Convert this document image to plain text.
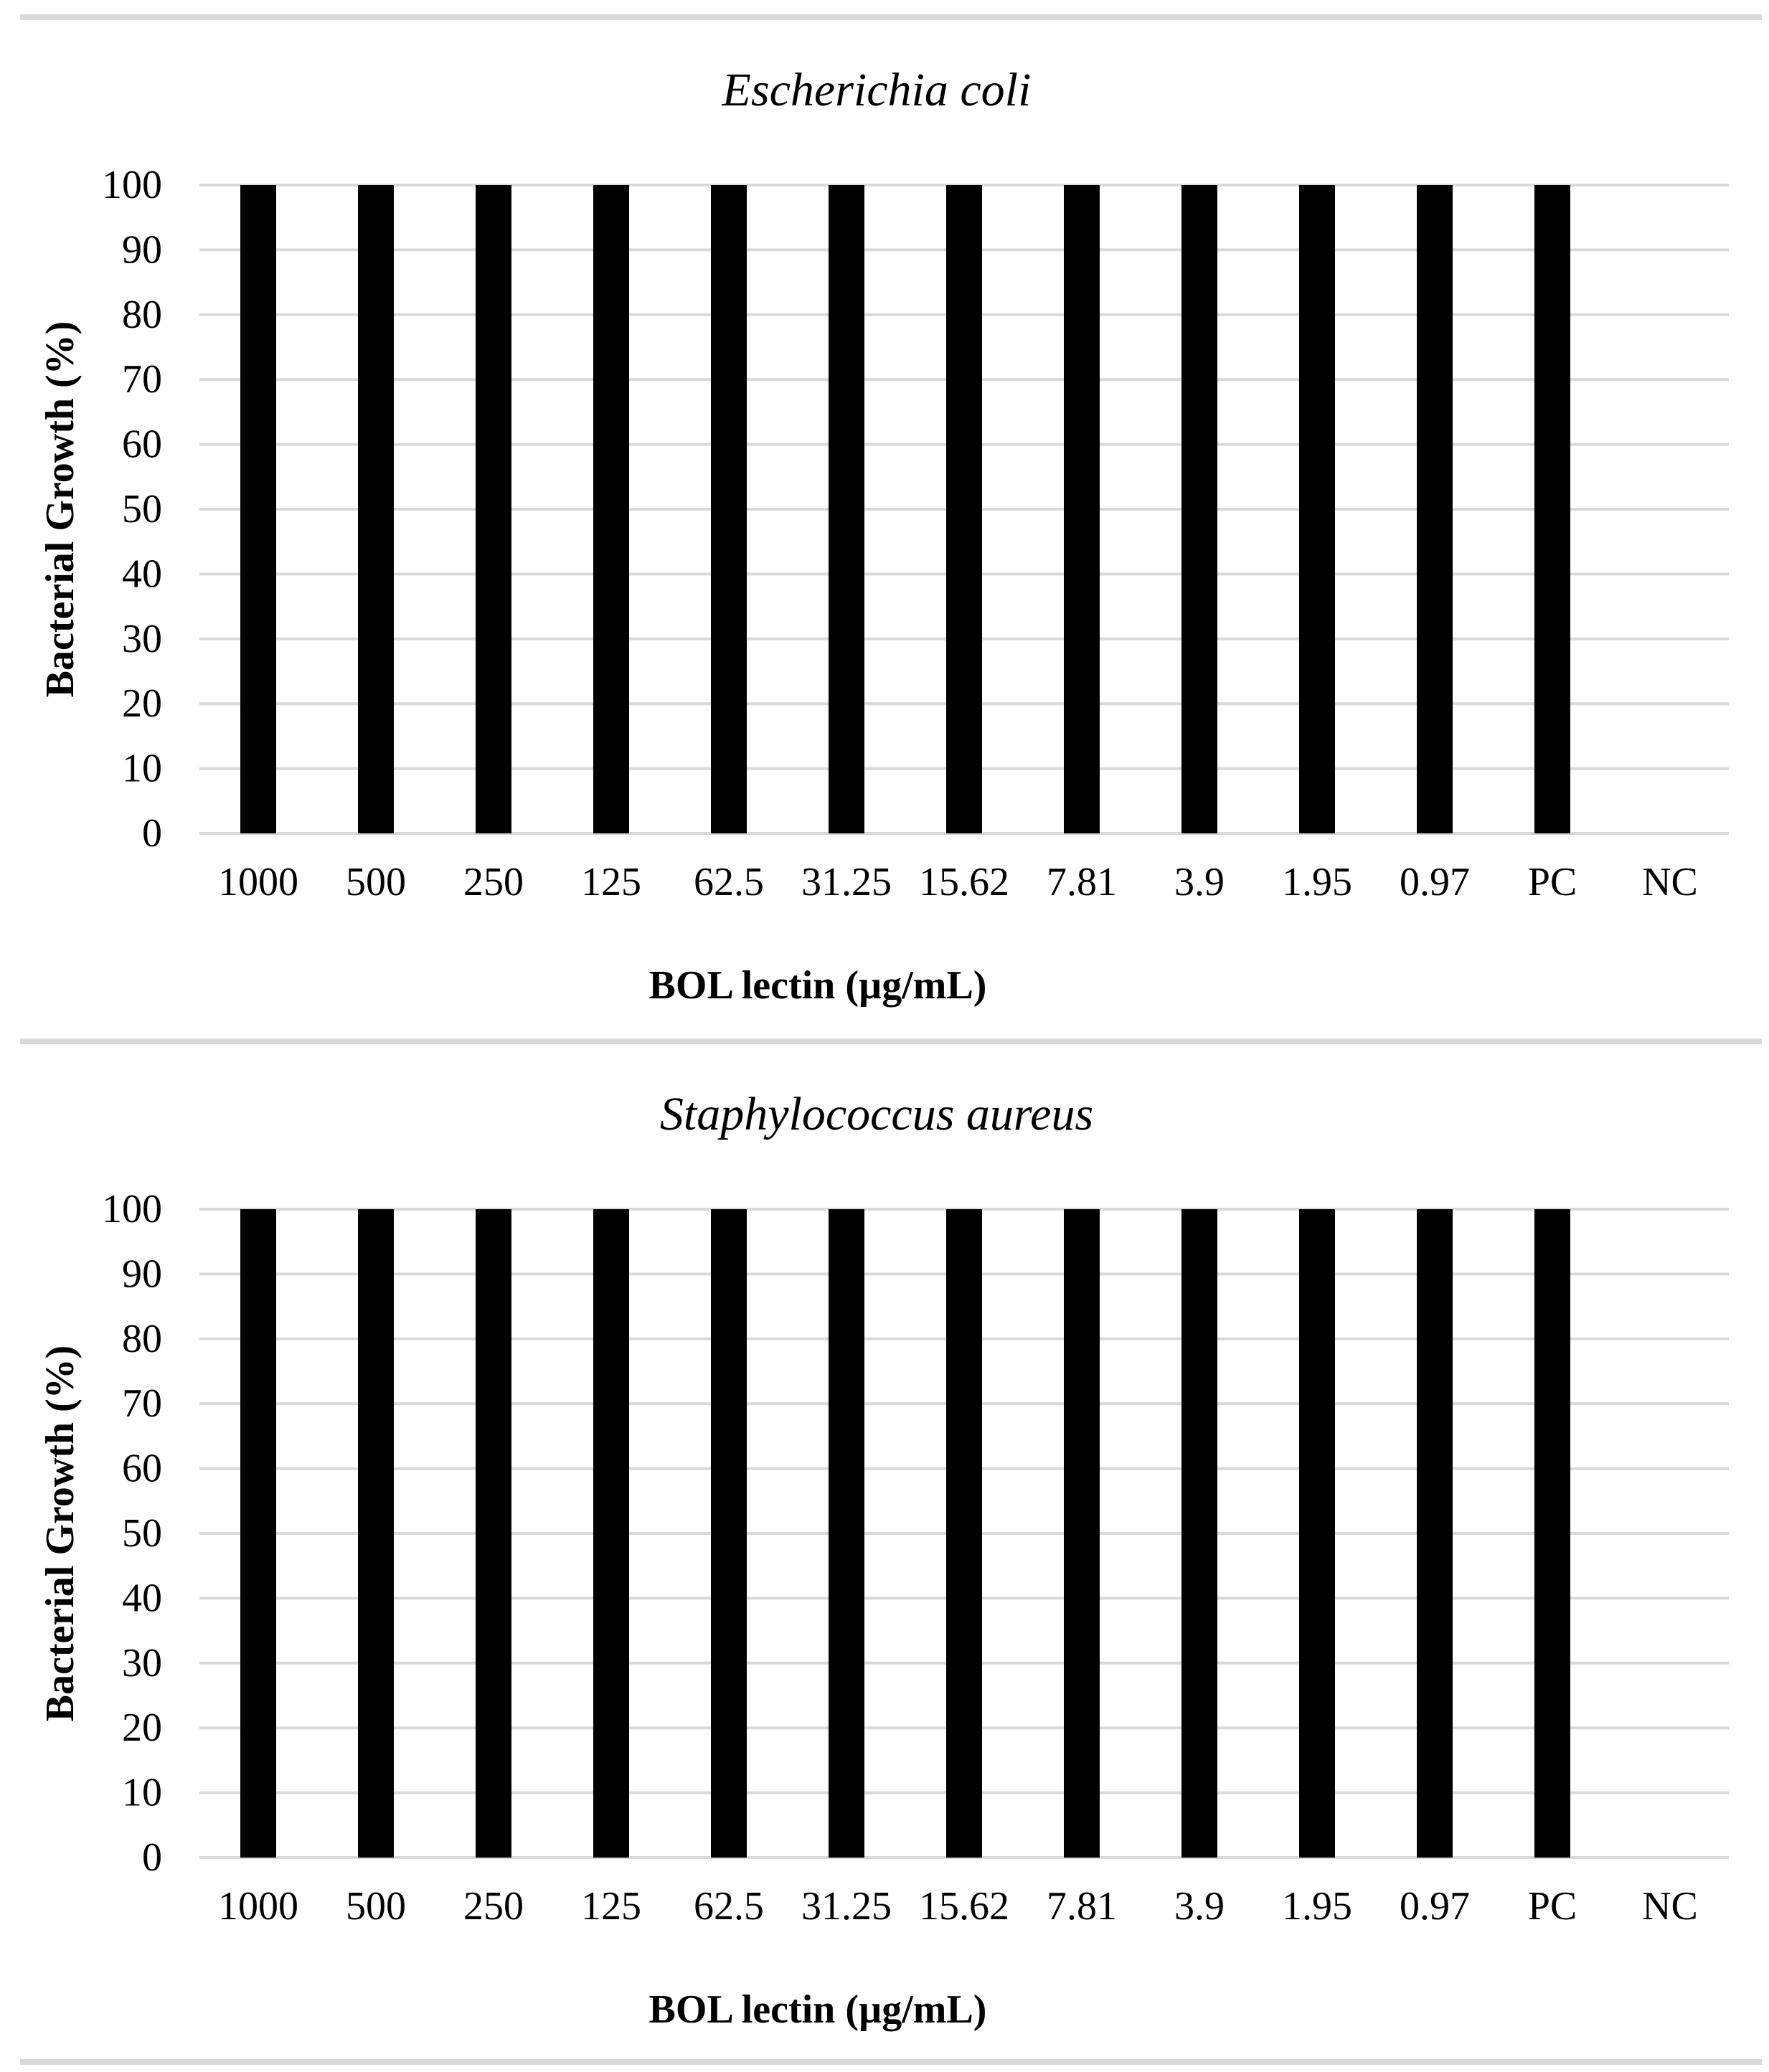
Escherichia coli
0
10
20
30
40
50
60
70
80
90
100
1000 500 250 125 62.5 31.25 15.62 7.81 3.9 1.95 0.97 PC NC
BOL lectin (µg/mL)
Bacterial Growth (%)
Staphylococcus aureus
0
10
20
30
40
50
60
70
80
90
100
1000 500 250 125 62.5 31.25 15.62 7.81 3.9 1.95 0.97 PC NC
BOL lectin (µg/mL)
Bacterial Growth (%)
